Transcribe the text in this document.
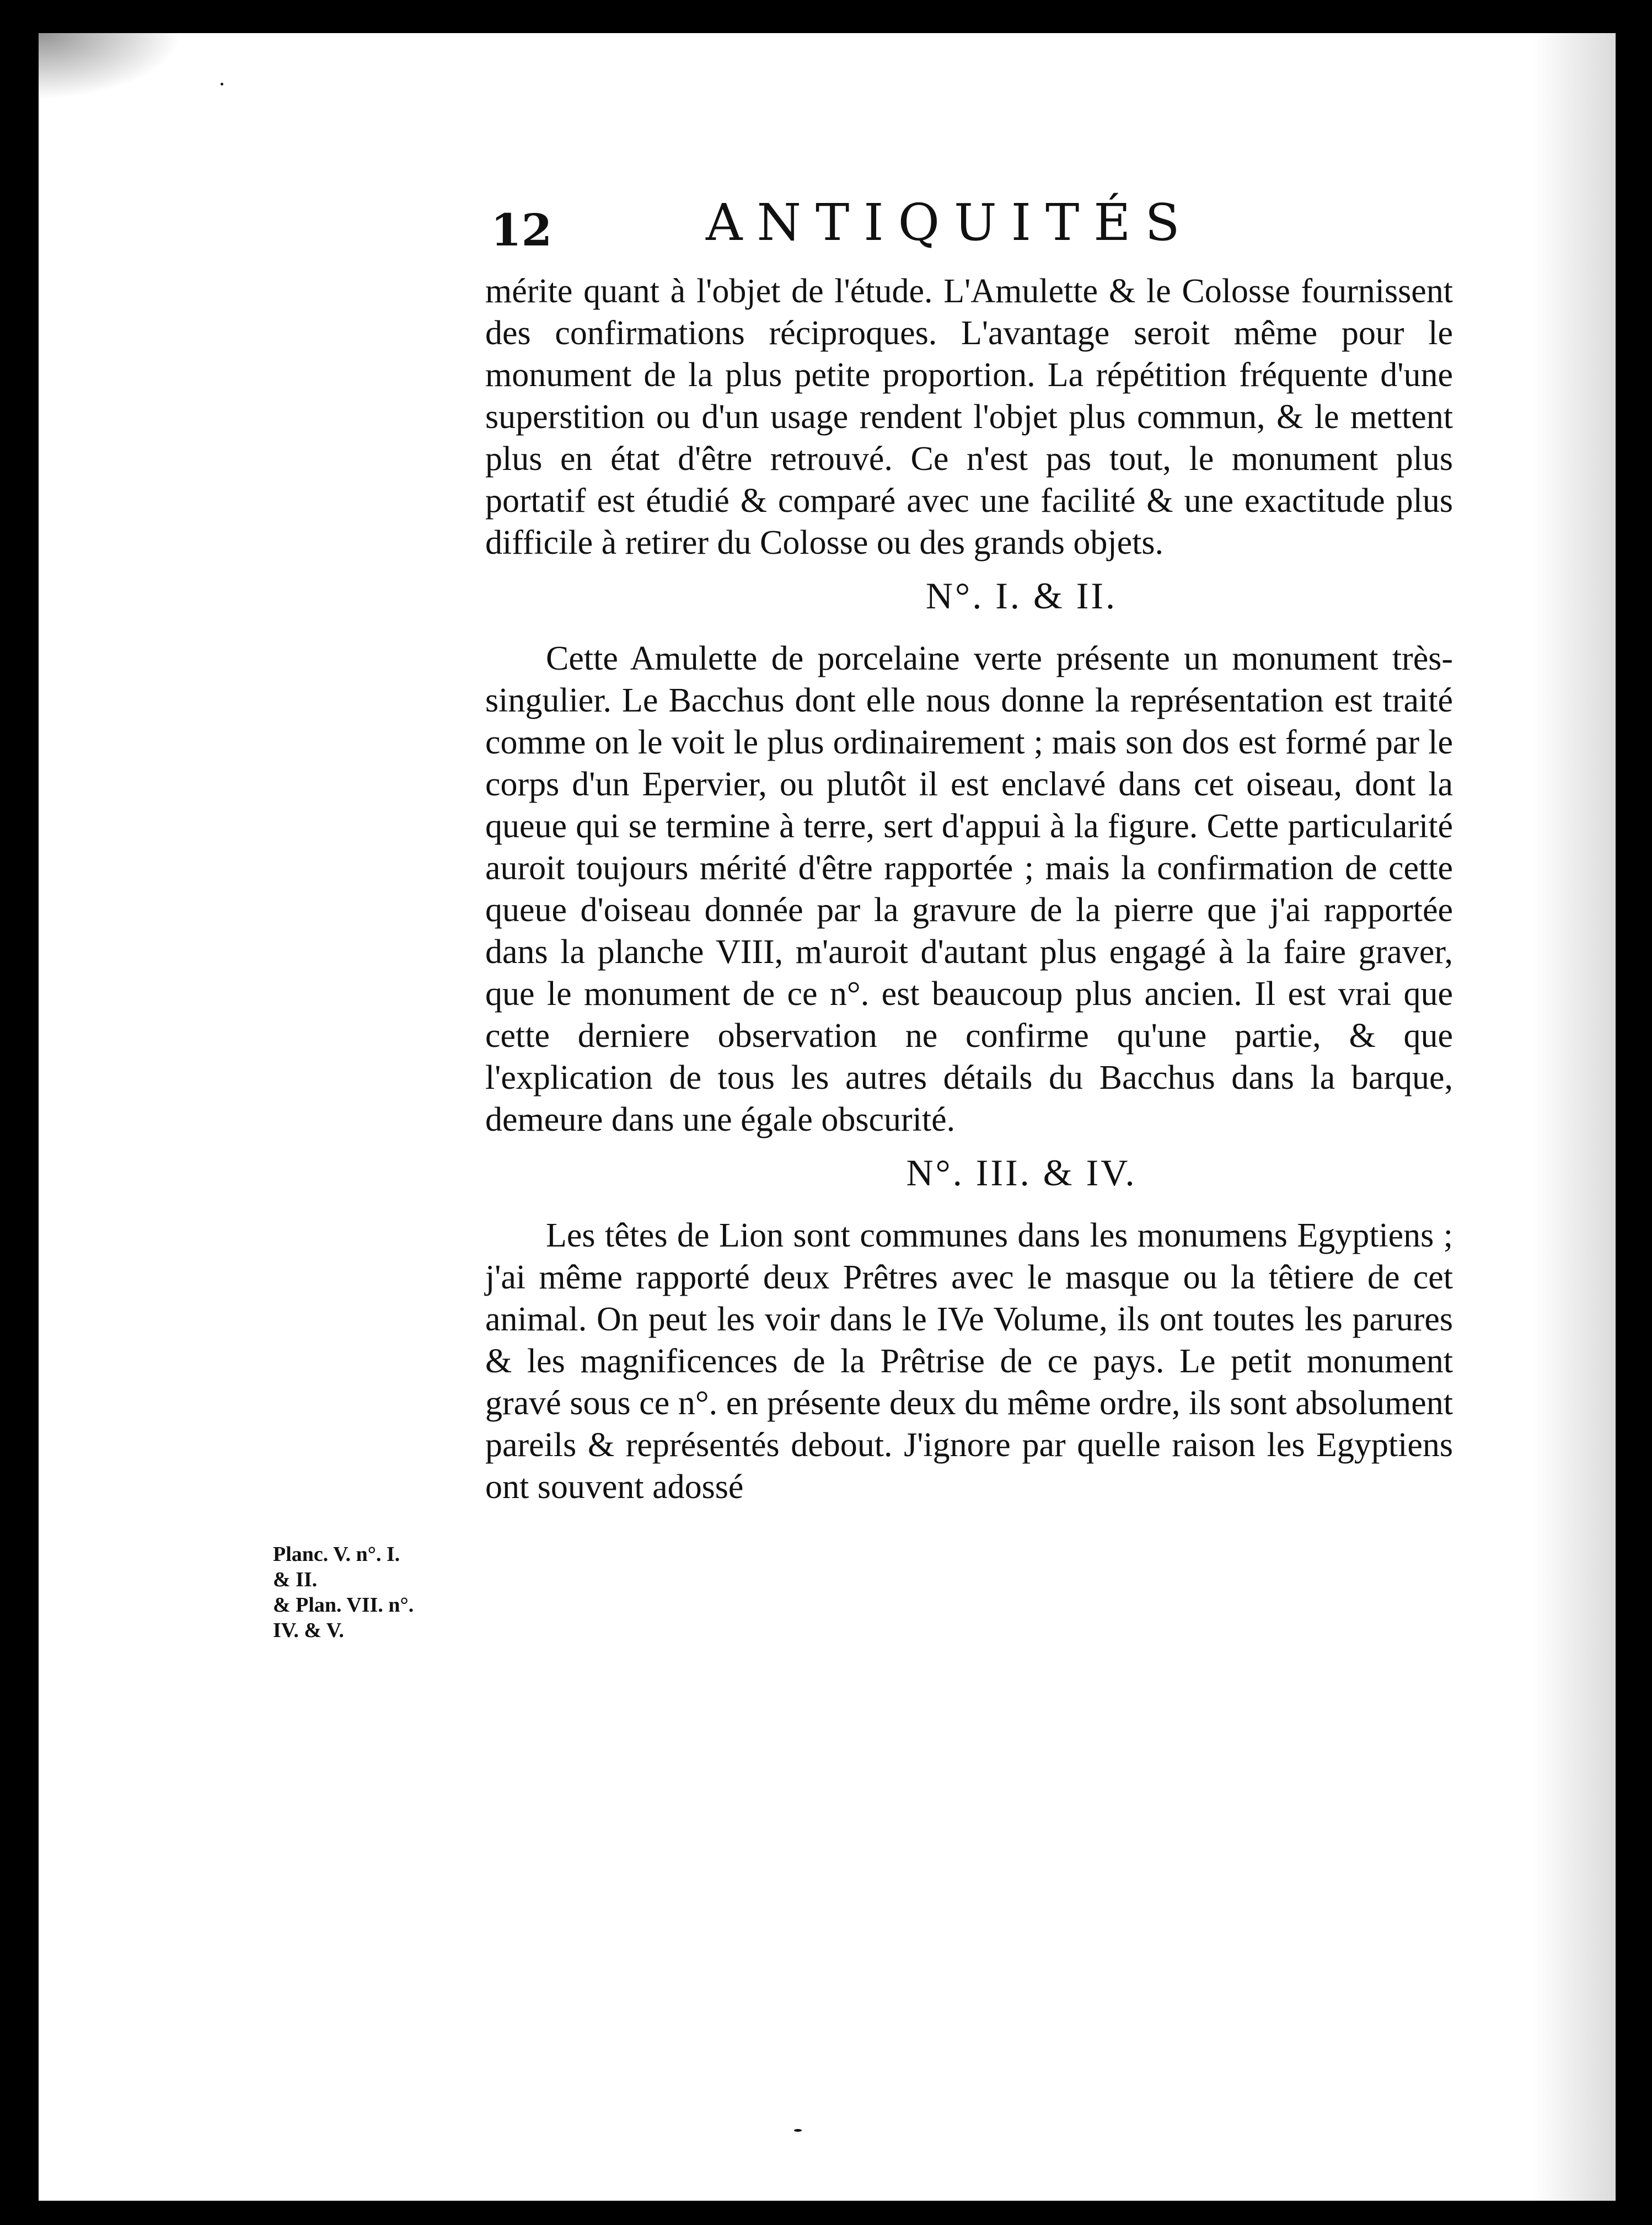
12	ANTIQUITÉS

mérite quant à l'objet de l'étude. L'Amulette & le Colosse fournissent des confirmations réciproques. L'avantage seroit même pour le monument de la plus petite proportion. La répétition fréquente d'une superstition ou d'un usage rendent l'objet plus commun, & le mettent plus en état d'être retrouvé. Ce n'est pas tout, le monument plus portatif est étudié & comparé avec une facilité & une exactitude plus difficile à retirer du Colosse ou des grands objets.

N°. I. & II.

Cette Amulette de porcelaine verte présente un monument très-singulier. Le Bacchus dont elle nous donne la représentation est traité comme on le voit le plus ordinairement ; mais son dos est formé par le corps d'un Epervier, ou plutôt il est enclavé dans cet oiseau, dont la queue qui se termine à terre, sert d'appui à la figure. Cette particularité auroit toujours mérité d'être rapportée ; mais la confirmation de cette queue d'oiseau donnée par la gravure de la pierre que j'ai rapportée dans la planche VIII, m'auroit d'autant plus engagé à la faire graver, que le monument de ce n°. est beaucoup plus ancien. Il est vrai que cette derniere observation ne confirme qu'une partie, & que l'explication de tous les autres détails du Bacchus dans la barque, demeure dans une égale obscurité.

N°. III. & IV.

Les têtes de Lion sont communes dans les monumens Egyptiens ; j'ai même rapporté deux Prêtres avec le masque ou la têtiere de cet animal. On peut les voir dans le IVe Volume, ils ont toutes les parures & les magnificences de la Prêtrise de ce pays. Le petit monument gravé sous ce n°. en présente deux du même ordre, ils sont absolument pareils & représentés debout. J'ignore par quelle raison les Egyptiens ont souvent adossé

Planc. V. n°. I.
& II.
& Plan. VII. n°.
IV. & V.
